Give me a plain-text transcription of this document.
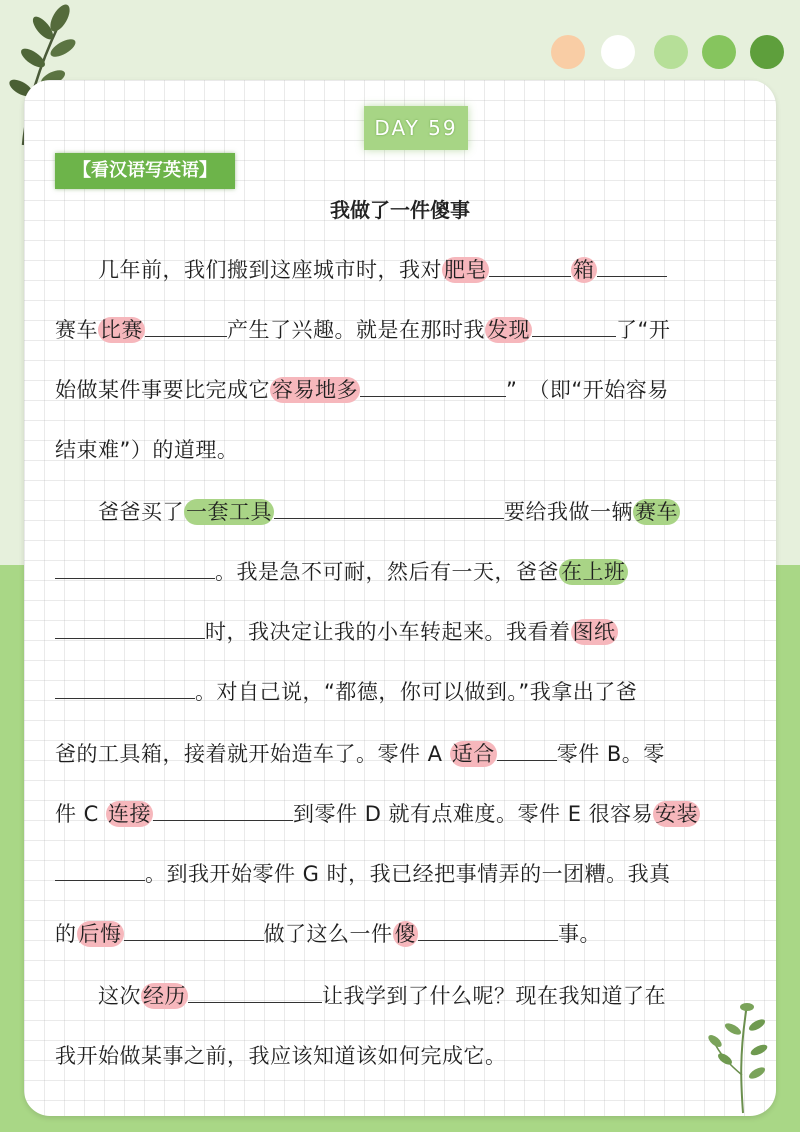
DAY 59
【看汉语写英语】
我做了一件傻事
　　几年前，我们搬到这座城市时，我对肥皂	箱
赛车比赛	产生了兴趣。就是在那时我发现	了“开
始做某件事要比完成它容易地多	”　（即“开始容易
结束难”）的道理。
　　爸爸买了一套工具	要给我做一辆赛车
。我是急不可耐，然后有一天，爸爸在上班
时，我决定让我的小车转起来。我看着图纸
。对自己说，“都德，你可以做到。”我拿出了爸
爸的工具箱，接着就开始造车了。零件 A 适合	零件 B。零
件 C 连接	到零件 D 就有点难度。零件 E 很容易安装
。到我开始零件 G 时，我已经把事情弄的一团糟。我真
的后悔	做了这么一件傻	事。
　　这次经历	让我学到了什么呢？现在我知道了在
我开始做某事之前，我应该知道该如何完成它。
